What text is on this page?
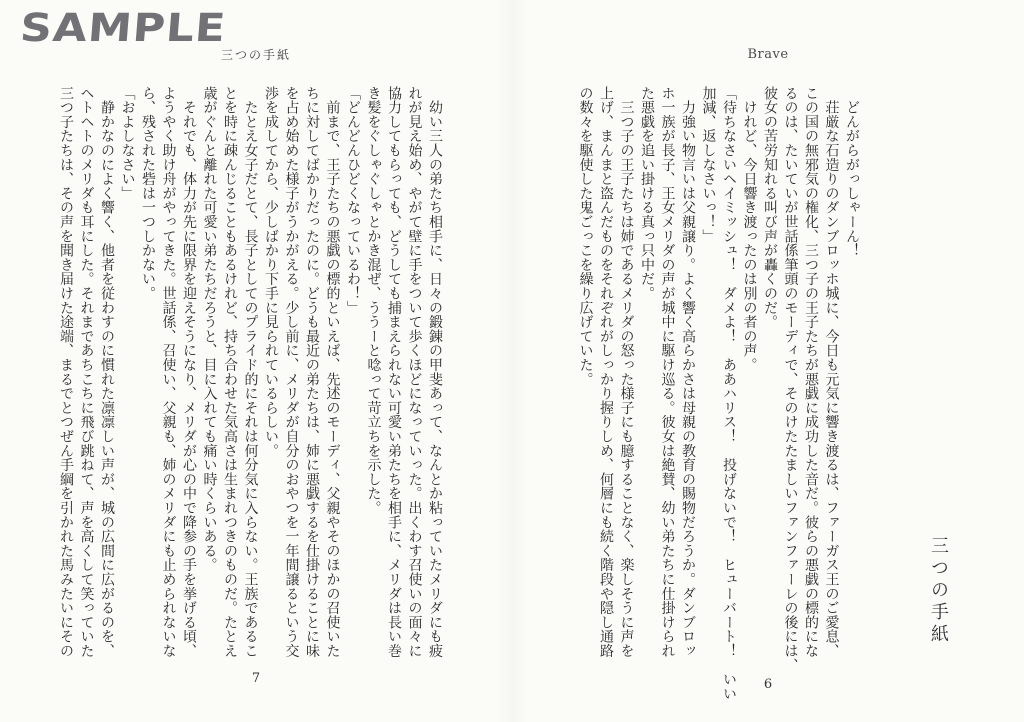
SAMPLE
三つの手紙

　幼い三人の弟たち相手に、日々の鍛錬の甲斐あって、なんとか粘っていたメリダにも疲

れが見え始め、やがて壁に手をついて歩くほどになっていった。出くわす召使いの面々に

協力してもらっても、どうしても捕まえられない可愛い弟たちを相手に、メリダは長い巻

き髪をぐしゃぐしゃとかき混ぜ、ううーと唸って苛立ちを示した。

「どんどんひどくなっているわ！」

　前まで、王子たちの悪戯の標的といえば、先述のモーディ、父親やそのほかの召使いた

ちに対してばかりだったのに。どうも最近の弟たちは、姉に悪戯するを仕掛けることに味

を占め始めた様子がうかがえる。少し前に、メリダが自分のおやつを一年間譲るという交

渉を成してから、少しばかり下手に見られているらしい。

　たとえ女子だとて、長子としてのプライド的にそれは何分気に入らない。王族であるこ

とを時に疎んじることもあるけれど、持ち合わせた気高さは生まれつきのものだ。たとえ

歳がぐんと離れた可愛い弟たちだろうと、目に入れても痛い時くらいある。

　それでも、体力が先に限界を迎えそうになり、メリダが心の中で降参の手を挙げる頃、

ようやく助け舟がやってきた。世話係、召使い、父親も、姉のメリダにも止められないな

ら、残された砦は一つしかない。

「およしなさい」

　静かなのによく響く、他者を従わすのに慣れた凛凛しい声が、城の広間に広がるのを、

ヘトヘトのメリダも耳にした。それまであちこちに飛び跳ねて、声を高くして笑っていた

三つ子たちは、その声を聞き届けた途端、まるでとつぜん手綱を引かれた馬みたいにその

7
Brave

　どんがらがっしゃーん！

　荘厳な石造りのダンブロッホ城に、今日も元気に響き渡るは、ファーガス王のご愛息、

この国の無邪気の権化、三つ子の王子たちが悪戯に成功した音だ。彼らの悪戯の標的にな

るのは、たいていが世話係筆頭のモーディで、そのけたたましいファンファーレの後には、

彼女の苦労知れる叫び声が轟くのだ。

　けれど、今日響き渡ったのは別の者の声。

「待ちなさいヘイミッシュ！　ダメよ！　ああハリス！　投げないで！　ヒューバート！　いい

加減、返しなさいっ！」

　力強い物言いは父親譲り。よく響く高らかさは母親の教育の賜物だろうか。ダンブロッ

ホ一族が長子、王女メリダの声が城中に駆け巡る。彼女は絶賛、幼い弟たちに仕掛けられ

た悪戯を追い掛ける真っ只中だ。

　三つ子の王子たちは姉であるメリダの怒った様子にも臆することなく、楽しそうに声を

上げ、まんまと盗んだものをそれぞれがしっかり握りしめ、何層にも続く階段や隠し通路

の数々を駆使した鬼ごっこを繰り広げていた。

三つの手紙
6
